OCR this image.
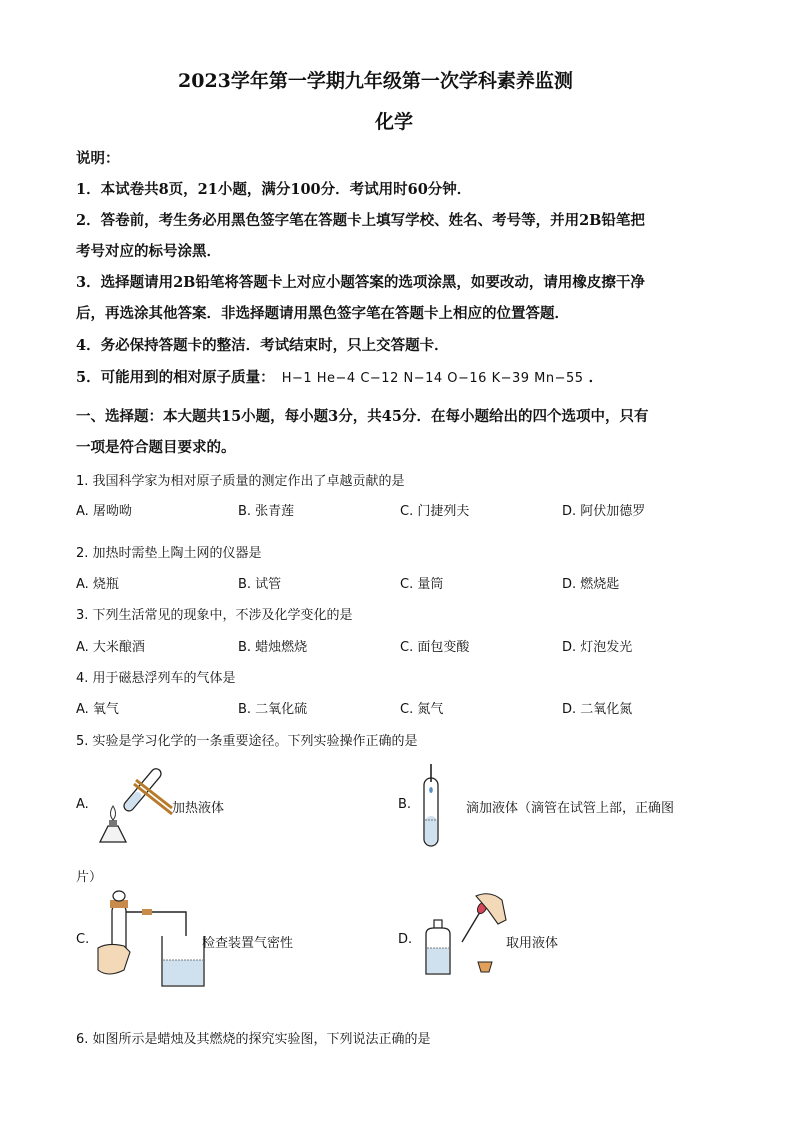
2023学年第一学期九年级第一次学科素养监测
化学
说明：
1．本试卷共8页，21小题，满分100分．考试用时60分钟．
2．答卷前，考生务必用黑色签字笔在答题卡上填写学校、姓名、考号等，并用2B铅笔把
考号对应的标号涂黑．
3．选择题请用2B铅笔将答题卡上对应小题答案的选项涂黑，如要改动，请用橡皮擦干净
后，再选涂其他答案．非选择题请用黑色签字笔在答题卡上相应的位置答题．
4．务必保持答题卡的整洁．考试结束时，只上交答题卡．
5．可能用到的相对原子质量： H−1 He−4 C−12 N−14 O−16 K−39 Mn−55 ．
一、选择题：本大题共15小题，每小题3分，共45分．在每小题给出的四个选项中，只有
一项是符合题目要求的。
1. 我国科学家为相对原子质量的测定作出了卓越贡献的是
A. 屠呦呦	B. 张青莲	C. 门捷列夫	D. 阿伏加德罗
2. 加热时需垫上陶土网的仪器是
A. 烧瓶	B. 试管	C. 量筒	D. 燃烧匙
3. 下列生活常见的现象中，不涉及化学变化的是
A. 大米酿酒	B. 蜡烛燃烧	C. 面包变酸	D. 灯泡发光
4. 用于磁悬浮列车的气体是
A. 氧气	B. 二氧化硫	C. 氮气	D. 二氧化氮
5. 实验是学习化学的一条重要途径。下列实验操作正确的是
A.	加热液体	B.	滴加液体（滴管在试管上部，正确图
片）
C.	检查装置气密性	D.	取用液体
6. 如图所示是蜡烛及其燃烧的探究实验图，下列说法正确的是
